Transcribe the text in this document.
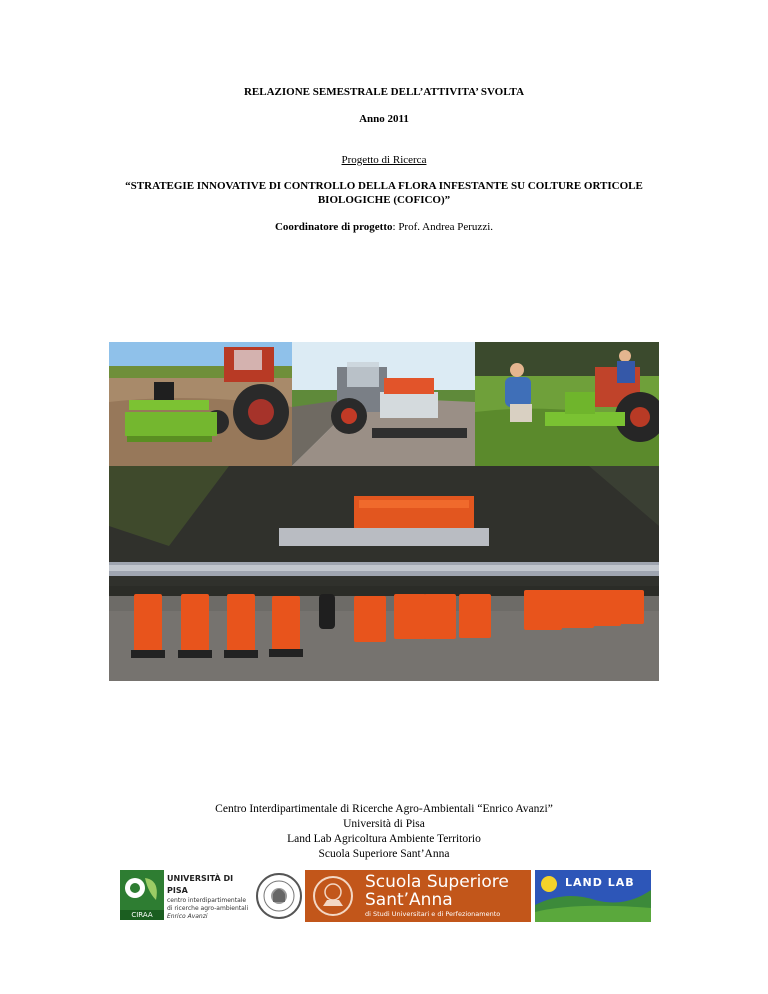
RELAZIONE SEMESTRALE DELL’ATTIVITA’ SVOLTA
Anno 2011
Progetto di Ricerca
“STRATEGIE INNOVATIVE DI CONTROLLO DELLA FLORA INFESTANTE SU COLTURE ORTICOLE
BIOLOGICHE (COFICO)”
Coordinatore di progetto: Prof. Andrea Peruzzi.
Centro Interdipartimentale di Ricerche Agro-Ambientali “Enrico Avanzi”
Università di Pisa
Land Lab Agricoltura Ambiente Territorio
Scuola Superiore Sant’Anna
CIRAA
UNIVERSITÀ DI PISA
centro interdipartimentale
di ricerche agro-ambientali
Enrico Avanzi
Scuola Superiore
Sant’Anna
di Studi Universitari e di Perfezionamento
LAND LAB
